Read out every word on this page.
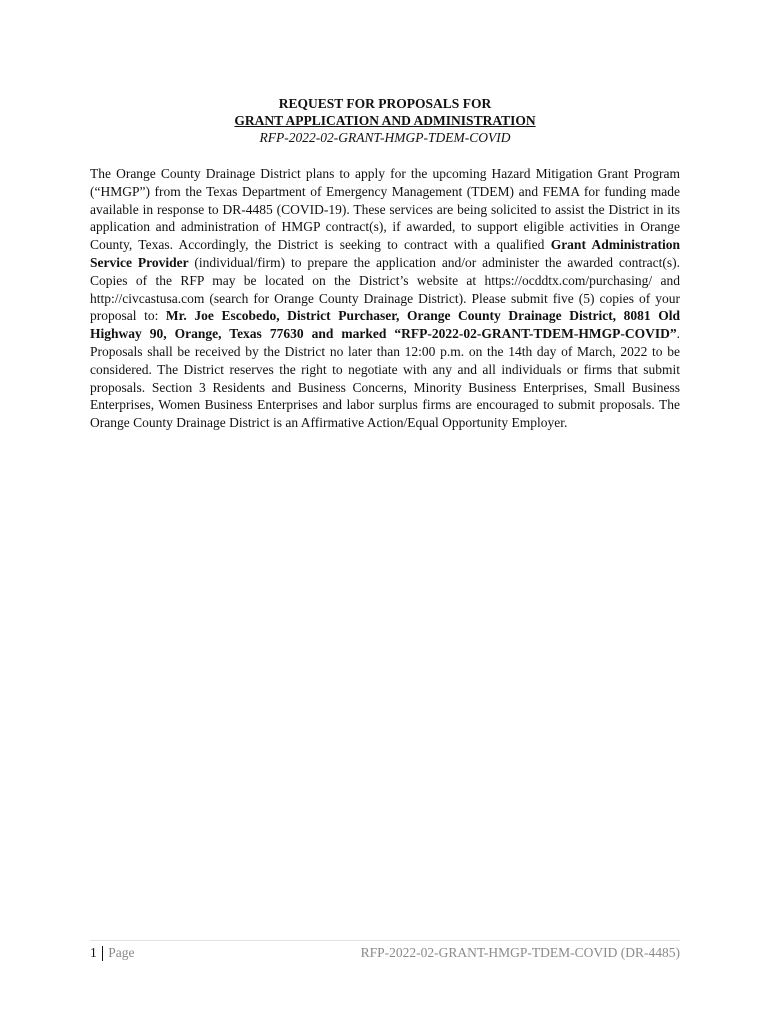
REQUEST FOR PROPOSALS FOR
GRANT APPLICATION AND ADMINISTRATION
RFP-2022-02-GRANT-HMGP-TDEM-COVID
The Orange County Drainage District plans to apply for the upcoming Hazard Mitigation Grant Program (“HMGP”) from the Texas Department of Emergency Management (TDEM) and FEMA for funding made available in response to DR-4485 (COVID-19). These services are being solicited to assist the District in its application and administration of HMGP contract(s), if awarded, to support eligible activities in Orange County, Texas. Accordingly, the District is seeking to contract with a qualified Grant Administration Service Provider (individual/firm) to prepare the application and/or administer the awarded contract(s). Copies of the RFP may be located on the District’s website at https://ocddtx.com/purchasing/ and http://civcastusa.com (search for Orange County Drainage District). Please submit five (5) copies of your proposal to: Mr. Joe Escobedo, District Purchaser, Orange County Drainage District, 8081 Old Highway 90, Orange, Texas 77630 and marked “RFP-2022-02-GRANT-TDEM-HMGP-COVID”. Proposals shall be received by the District no later than 12:00 p.m. on the 14th day of March, 2022 to be considered. The District reserves the right to negotiate with any and all individuals or firms that submit proposals. Section 3 Residents and Business Concerns, Minority Business Enterprises, Small Business Enterprises, Women Business Enterprises and labor surplus firms are encouraged to submit proposals. The Orange County Drainage District is an Affirmative Action/Equal Opportunity Employer.
1 Page	RFP-2022-02-GRANT-HMGP-TDEM-COVID (DR-4485)
